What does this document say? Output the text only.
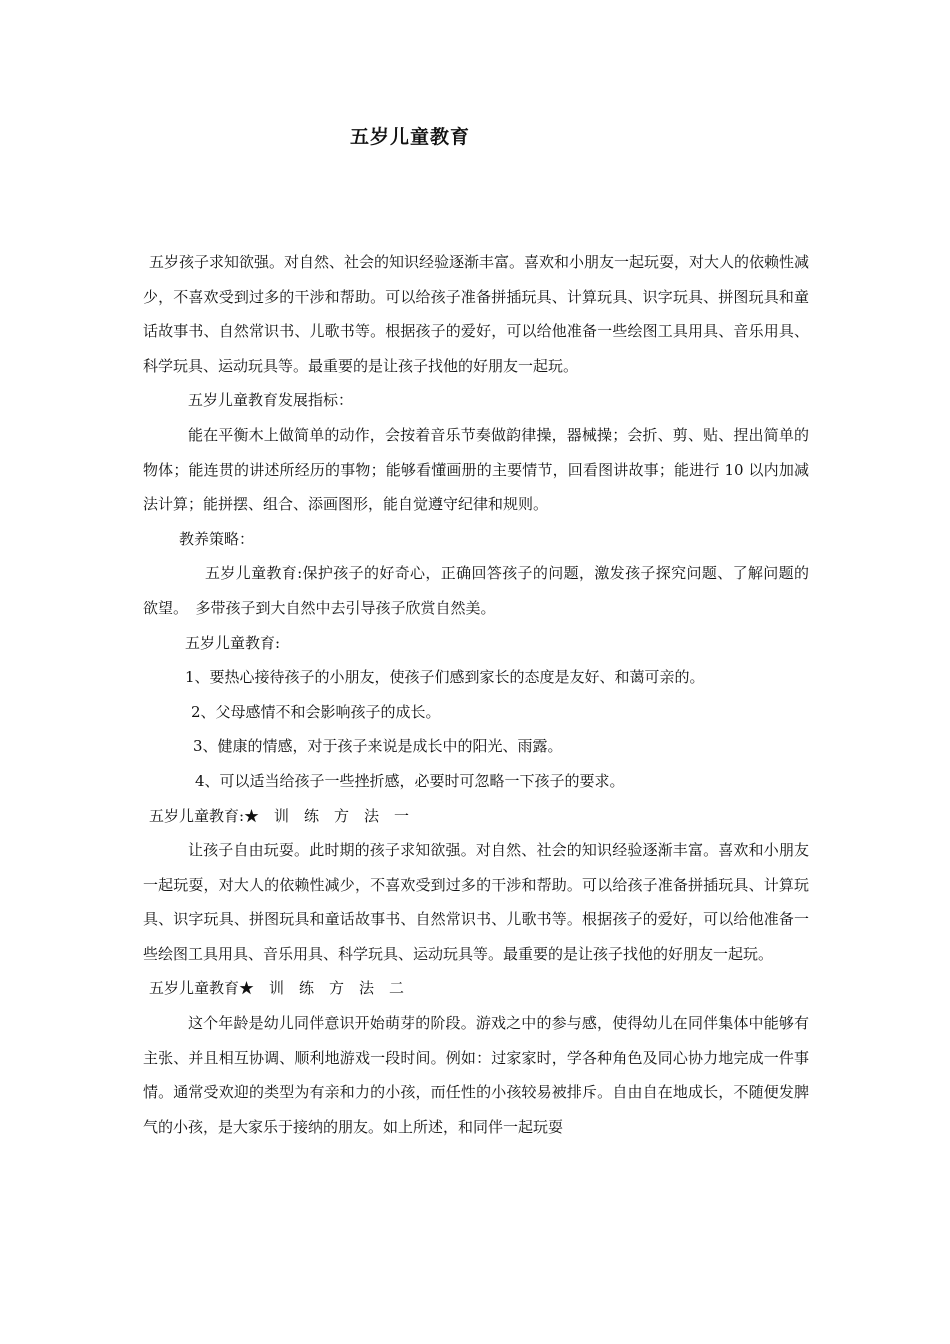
五岁儿童教育

五岁孩子求知欲强。对自然、社会的知识经验逐渐丰富。喜欢和小朋友一起玩耍，对大人的依赖性减少，不喜欢受到过多的干涉和帮助。可以给孩子准备拼插玩具、计算玩具、识字玩具、拼图玩具和童话故事书、自然常识书、儿歌书等。根据孩子的爱好，可以给他准备一些绘图工具用具、音乐用具、科学玩具、运动玩具等。最重要的是让孩子找他的好朋友一起玩。

五岁儿童教育发展指标：

能在平衡木上做简单的动作，会按着音乐节奏做韵律操，器械操；会折、剪、贴、捏出简单的物体；能连贯的讲述所经历的事物；能够看懂画册的主要情节，回看图讲故事；能进行 10 以内加减法计算；能拼摆、组合、添画图形，能自觉遵守纪律和规则。

教养策略：

五岁儿童教育:保护孩子的好奇心，正确回答孩子的问题，激发孩子探究问题、了解问题的欲望。　多带孩子到大自然中去引导孩子欣赏自然美。

五岁儿童教育:

1、要热心接待孩子的小朋友，使孩子们感到家长的态度是友好、和蔼可亲的。

2、父母感情不和会影响孩子的成长。

3、健康的情感，对于孩子来说是成长中的阳光、雨露。

4、可以适当给孩子一些挫折感，必要时可忽略一下孩子的要求。

五岁儿童教育:★　训　练　方　法　一

让孩子自由玩耍。此时期的孩子求知欲强。对自然、社会的知识经验逐渐丰富。喜欢和小朋友一起玩耍，对大人的依赖性减少，不喜欢受到过多的干涉和帮助。可以给孩子准备拼插玩具、计算玩具、识字玩具、拼图玩具和童话故事书、自然常识书、儿歌书等。根据孩子的爱好，可以给他准备一些绘图工具用具、音乐用具、科学玩具、运动玩具等。最重要的是让孩子找他的好朋友一起玩。

五岁儿童教育★　训　练　方　法　二

这个年龄是幼儿同伴意识开始萌芽的阶段。游戏之中的参与感，使得幼儿在同伴集体中能够有主张、并且相互协调、顺利地游戏一段时间。例如：过家家时，学各种角色及同心协力地完成一件事情。通常受欢迎的类型为有亲和力的小孩，而任性的小孩较易被排斥。自由自在地成长，不随便发脾气的小孩，是大家乐于接纳的朋友。如上所述，和同伴一起玩耍
